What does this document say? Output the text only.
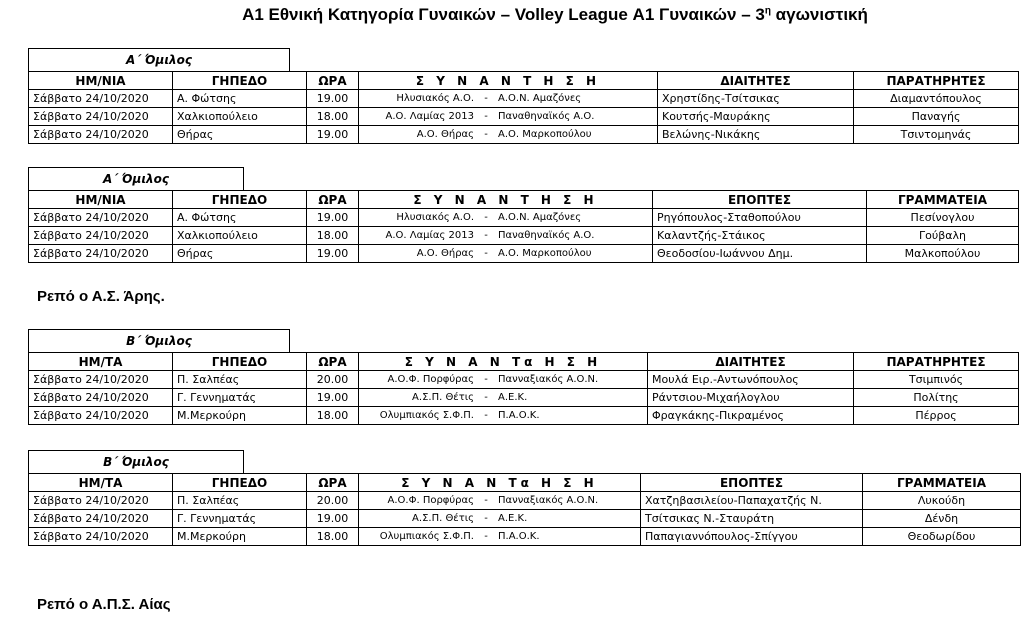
Α1 Εθνική Κατηγορία Γυναικών – Volley League Α1 Γυναικών – $3^\eta$ αγωνιστική
Α΄ Όμιλος
ΗΜ/ΝΙΑ	ΓΗΠΕΔΟ	ΩΡΑ	Σ Υ Ν Α Ν Τ Η Σ Η	ΔΙΑΙΤΗΤΕΣ	ΠΑΡΑΤΗΡΗΤΕΣ
Σάββατο 24/10/2020	Α. Φώτσης	19.00	Ηλυσιακός Α.Ο. - Α.Ο.Ν. Αμαζόνες	Χρηστίδης-Τσίτσικας	Διαμαντόπουλος
Σάββατο 24/10/2020	Χαλκιοπούλειο	18.00	Α.Ο. Λαμίας 2013 - Παναθηναϊκός Α.Ο.	Κουτσής-Μαυράκης	Παναγής
Σάββατο 24/10/2020	Θήρας	19.00	Α.Ο. Θήρας - Α.Ο. Μαρκοπούλου	Βελώνης-Νικάκης	Τσιντομηνάς
Α΄ Όμιλος
ΗΜ/ΝΙΑ	ΓΗΠΕΔΟ	ΩΡΑ	Σ Υ Ν Α Ν Τ Η Σ Η	ΕΠΟΠΤΕΣ	ΓΡΑΜΜΑΤΕΙΑ
Σάββατο 24/10/2020	Α. Φώτσης	19.00	Ηλυσιακός Α.Ο. - Α.Ο.Ν. Αμαζόνες	Ρηγόπουλος-Σταθοπούλου	Πεσίνογλου
Σάββατο 24/10/2020	Χαλκιοπούλειο	18.00	Α.Ο. Λαμίας 2013 - Παναθηναϊκός Α.Ο.	Καλαντζής-Στάικος	Γούβαλη
Σάββατο 24/10/2020	Θήρας	19.00	Α.Ο. Θήρας - Α.Ο. Μαρκοπούλου	Θεοδοσίου-Ιωάννου Δημ.	Μαλκοπούλου
Β΄ Όμιλος
ΗΜ/ΤΑ	ΓΗΠΕΔΟ	ΩΡΑ	Σ Υ Ν Α Ν Τα Η Σ Η	ΔΙΑΙΤΗΤΕΣ	ΠΑΡΑΤΗΡΗΤΕΣ
Σάββατο 24/10/2020	Π. Σαλπέας	20.00	Α.Ο.Φ. Πορφύρας - Πανναξιακός Α.Ο.Ν.	Μουλά Ειρ.-Αντωνόπουλος	Τσιμπινός
Σάββατο 24/10/2020	Γ. Γεννηματάς	19.00	Α.Σ.Π. Θέτις - Α.Ε.Κ.	Ράντσιου-Μιχαήλογλου	Πολίτης
Σάββατο 24/10/2020	Μ.Μερκούρη	18.00	Ολυμπιακός Σ.Φ.Π. - Π.Α.Ο.Κ.	Φραγκάκης-Πικραμένος	Πέρρος
Β΄ Όμιλος
ΗΜ/ΤΑ	ΓΗΠΕΔΟ	ΩΡΑ	Σ Υ Ν Α Ν Τα Η Σ Η	ΕΠΟΠΤΕΣ	ΓΡΑΜΜΑΤΕΙΑ
Σάββατο 24/10/2020	Π. Σαλπέας	20.00	Α.Ο.Φ. Πορφύρας - Πανναξιακός Α.Ο.Ν.	Χατζηβασιλείου-Παπαχατζής Ν.	Λυκούδη
Σάββατο 24/10/2020	Γ. Γεννηματάς	19.00	Α.Σ.Π. Θέτις - Α.Ε.Κ.	Τσίτσικας Ν.-Σταυράτη	Δένδη
Σάββατο 24/10/2020	Μ.Μερκούρη	18.00	Ολυμπιακός Σ.Φ.Π. - Π.Α.Ο.Κ.	Παπαγιαννόπουλος-Σπίγγου	Θεοδωρίδου
Ρεπό ο Α.Σ. Άρης.
Ρεπό ο Α.Π.Σ. Αίας
